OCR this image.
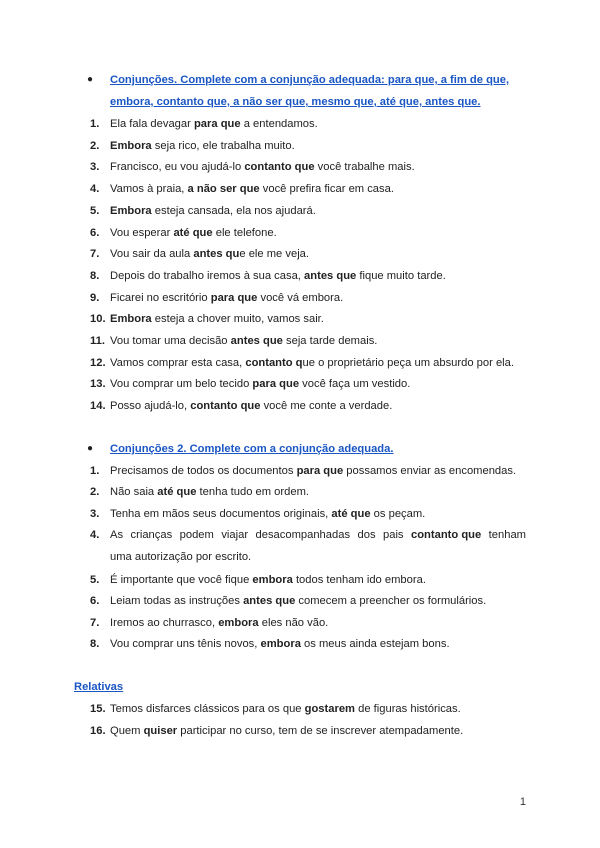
● Conjunções. Complete com a conjunção adequada: para que, a fim de que,
embora, contanto que, a não ser que, mesmo que, até que, antes que.
1. Ela fala devagar para que a entendamos.
2. Embora seja rico, ele trabalha muito.
3. Francisco, eu vou ajudá-lo contanto que você trabalhe mais.
4. Vamos à praia, a não ser que você prefira ficar em casa.
5. Embora esteja cansada, ela nos ajudará.
6. Vou esperar até que ele telefone.
7. Vou sair da aula antes que ele me veja.
8. Depois do trabalho iremos à sua casa, antes que fique muito tarde.
9. Ficarei no escritório para que você vá embora.
10. Embora esteja a chover muito, vamos sair.
11. Vou tomar uma decisão antes que seja tarde demais.
12. Vamos comprar esta casa, contanto que o proprietário peça um absurdo por ela.
13. Vou comprar um belo tecido para que você faça um vestido.
14. Posso ajudá-lo, contanto que você me conte a verdade.
● Conjunções 2. Complete com a conjunção adequada.
1. Precisamos de todos os documentos para que possamos enviar as encomendas.
2. Não saia até que tenha tudo em ordem.
3. Tenha em mãos seus documentos originais, até que os peçam.
4. As crianças podem viajar desacompanhadas dos pais contanto que tenham
uma autorização por escrito.
5. É importante que você fique embora todos tenham ido embora.
6. Leiam todas as instruções antes que comecem a preencher os formulários.
7. Iremos ao churrasco, embora eles não vão.
8. Vou comprar uns tênis novos, embora os meus ainda estejam bons.
Relativas
15. Temos disfarces clássicos para os que gostarem de figuras históricas.
16. Quem quiser participar no curso, tem de se inscrever atempadamente.
1
